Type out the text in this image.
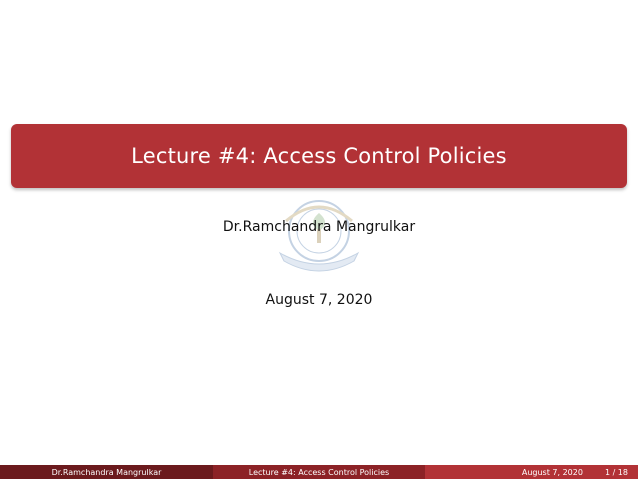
Lecture #4: Access Control Policies
Dr.Ramchandra Mangrulkar
August 7, 2020
Dr.Ramchandra Mangrulkar	Lecture #4: Access Control Policies	August 7, 2020	1 / 18
